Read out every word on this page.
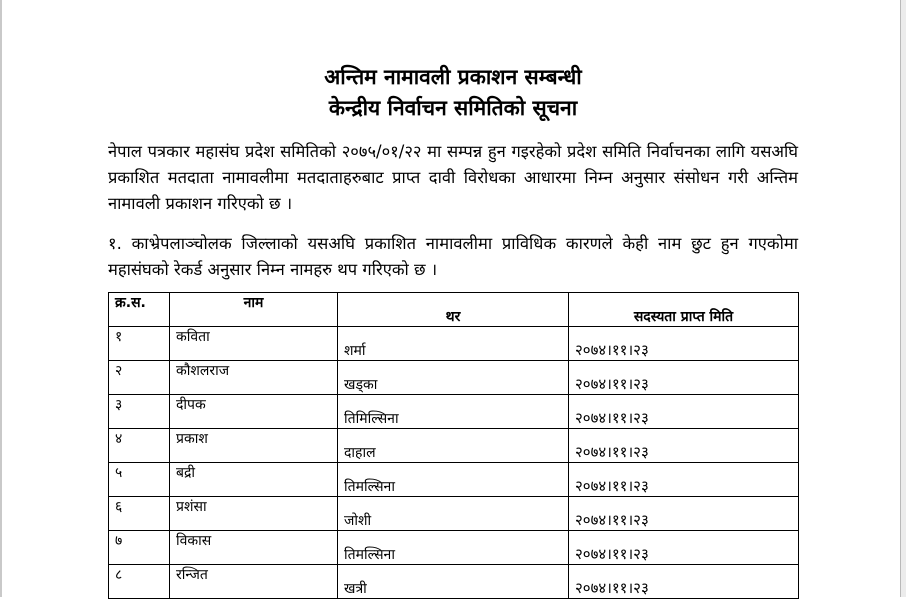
अन्तिम नामावली प्रकाशन सम्बन्धी
केन्द्रीय निर्वाचन समितिको सूचना

नेपाल पत्रकार महासंघ प्रदेश समितिको २०७५/०१/२२ मा सम्पन्न हुन गइरहेको प्रदेश समिति निर्वाचनका लागि यसअघि प्रकाशित मतदाता नामावलीमा मतदाताहरुबाट प्राप्त दावी विरोधका आधारमा निम्न अनुसार संसोधन गरी अन्तिम नामावली प्रकाशन गरिएको छ ।

१. काभ्रेपलाञ्चोलक जिल्लाको यसअघि प्रकाशित नामावलीमा प्राविधिक कारणले केही नाम छुट हुन गएकोमा महासंघको रेकर्ड अनुसार निम्न नामहरु थप गरिएको छ ।

क्र.स.	नाम	थर	सदस्यता प्राप्त मिति
१	कविता	शर्मा	२०७४।११।२३
२	कौशलराज	खड्का	२०७४।११।२३
३	दीपक	तिमिल्सिना	२०७४।११।२३
४	प्रकाश	दाहाल	२०७४।११।२३
५	बद्री	तिमल्सिना	२०७४।११।२३
६	प्रशंसा	जोशी	२०७४।११।२३
७	विकास	तिमल्सिना	२०७४।११।२३
८	रन्जित	खत्री	२०७४।११।२३
